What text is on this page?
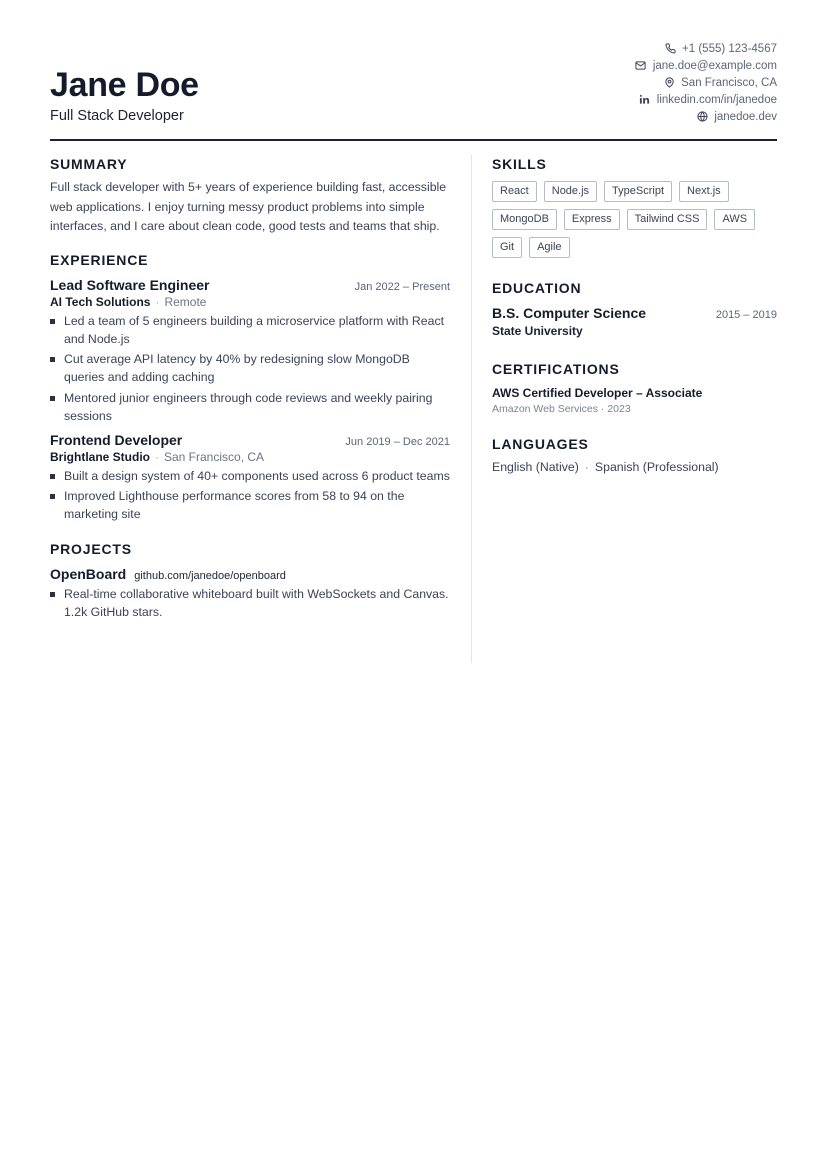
Jane Doe
Full Stack Developer
+1 (555) 123-4567
jane.doe@example.com
San Francisco, CA
linkedin.com/in/janedoe
janedoe.dev
SUMMARY

Full stack developer with 5+ years of experience building fast, accessible web applications. I enjoy turning messy product problems into simple interfaces, and I care about clean code, good tests and teams that ship.

EXPERIENCE
Lead Software Engineer	Jan 2022 – Present
AI Tech Solutions · Remote
Led a team of 5 engineers building a microservice platform with React and Node.js
Cut average API latency by 40% by redesigning slow MongoDB queries and adding caching
Mentored junior engineers through code reviews and weekly pairing sessions
Frontend Developer	Jun 2019 – Dec 2021
Brightlane Studio · San Francisco, CA
Built a design system of 40+ components used across 6 product teams
Improved Lighthouse performance scores from 58 to 94 on the marketing site
PROJECTS
OpenBoard github.com/janedoe/openboard
Real-time collaborative whiteboard built with WebSockets and Canvas. 1.2k GitHub stars.
SKILLS
React	Node.js	TypeScript	Next.js
MongoDB	Express	Tailwind CSS	AWS
Git	Agile
EDUCATION
B.S. Computer Science	2015 – 2019
State University
CERTIFICATIONS
AWS Certified Developer – Associate
Amazon Web Services · 2023
LANGUAGES
English (Native) · Spanish (Professional)
